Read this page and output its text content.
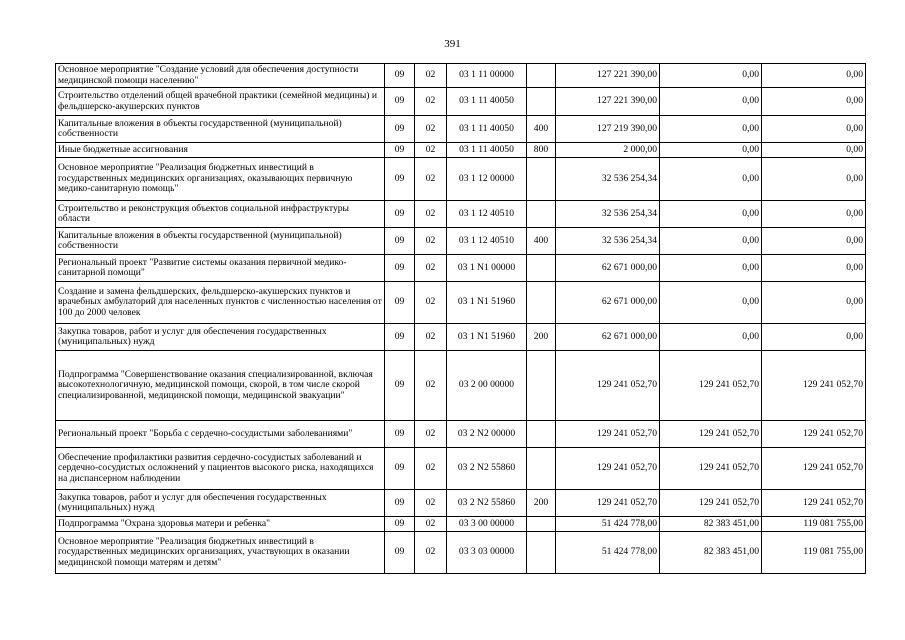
391
Основное мероприятие "Создание условий для обеспечения доступности медицинской помощи населению"	09	02	03 1 11 00000		127 221 390,00	0,00	0,00
Строительство отделений общей врачебной практики (семейной медицины) и фельдшерско-акушерских пунктов	09	02	03 1 11 40050		127 221 390,00	0,00	0,00
Капитальные вложения в объекты государственной (муниципальной) собственности	09	02	03 1 11 40050	400	127 219 390,00	0,00	0,00
Иные бюджетные ассигнования	09	02	03 1 11 40050	800	2 000,00	0,00	0,00
Основное мероприятие "Реализация бюджетных инвестиций в государственных медицинских организациях, оказывающих первичную медико-санитарную помощь"	09	02	03 1 12 00000		32 536 254,34	0,00	0,00
Строительство и реконструкция объектов социальной инфраструктуры области	09	02	03 1 12 40510		32 536 254,34	0,00	0,00
Капитальные вложения в объекты государственной (муниципальной) собственности	09	02	03 1 12 40510	400	32 536 254,34	0,00	0,00
Региональный проект "Развитие системы оказания первичной медико-санитарной помощи"	09	02	03 1 N1 00000		62 671 000,00	0,00	0,00
Создание и замена фельдшерских, фельдшерско-акушерских пунктов и врачебных амбулаторий для населенных пунктов с численностью населения от 100 до 2000 человек	09	02	03 1 N1 51960		62 671 000,00	0,00	0,00
Закупка товаров, работ и услуг для обеспечения государственных (муниципальных) нужд	09	02	03 1 N1 51960	200	62 671 000,00	0,00	0,00
Подпрограмма "Совершенствование оказания специализированной, включая высокотехнологичную, медицинской помощи, скорой, в том числе скорой специализированной, медицинской помощи, медицинской эвакуации"	09	02	03 2 00 00000		129 241 052,70	129 241 052,70	129 241 052,70
Региональный проект "Борьба с сердечно-сосудистыми заболеваниями"	09	02	03 2 N2 00000		129 241 052,70	129 241 052,70	129 241 052,70
Обеспечение профилактики развития сердечно-сосудистых заболеваний и сердечно-сосудистых осложнений у пациентов высокого риска, находящихся на диспансерном наблюдении	09	02	03 2 N2 55860		129 241 052,70	129 241 052,70	129 241 052,70
Закупка товаров, работ и услуг для обеспечения государственных (муниципальных) нужд	09	02	03 2 N2 55860	200	129 241 052,70	129 241 052,70	129 241 052,70
Подпрограмма "Охрана здоровья матери и ребенка"	09	02	03 3 00 00000		51 424 778,00	82 383 451,00	119 081 755,00
Основное мероприятие "Реализация бюджетных инвестиций в государственных медицинских организациях, участвующих в оказании медицинской помощи матерям и детям"	09	02	03 3 03 00000		51 424 778,00	82 383 451,00	119 081 755,00
